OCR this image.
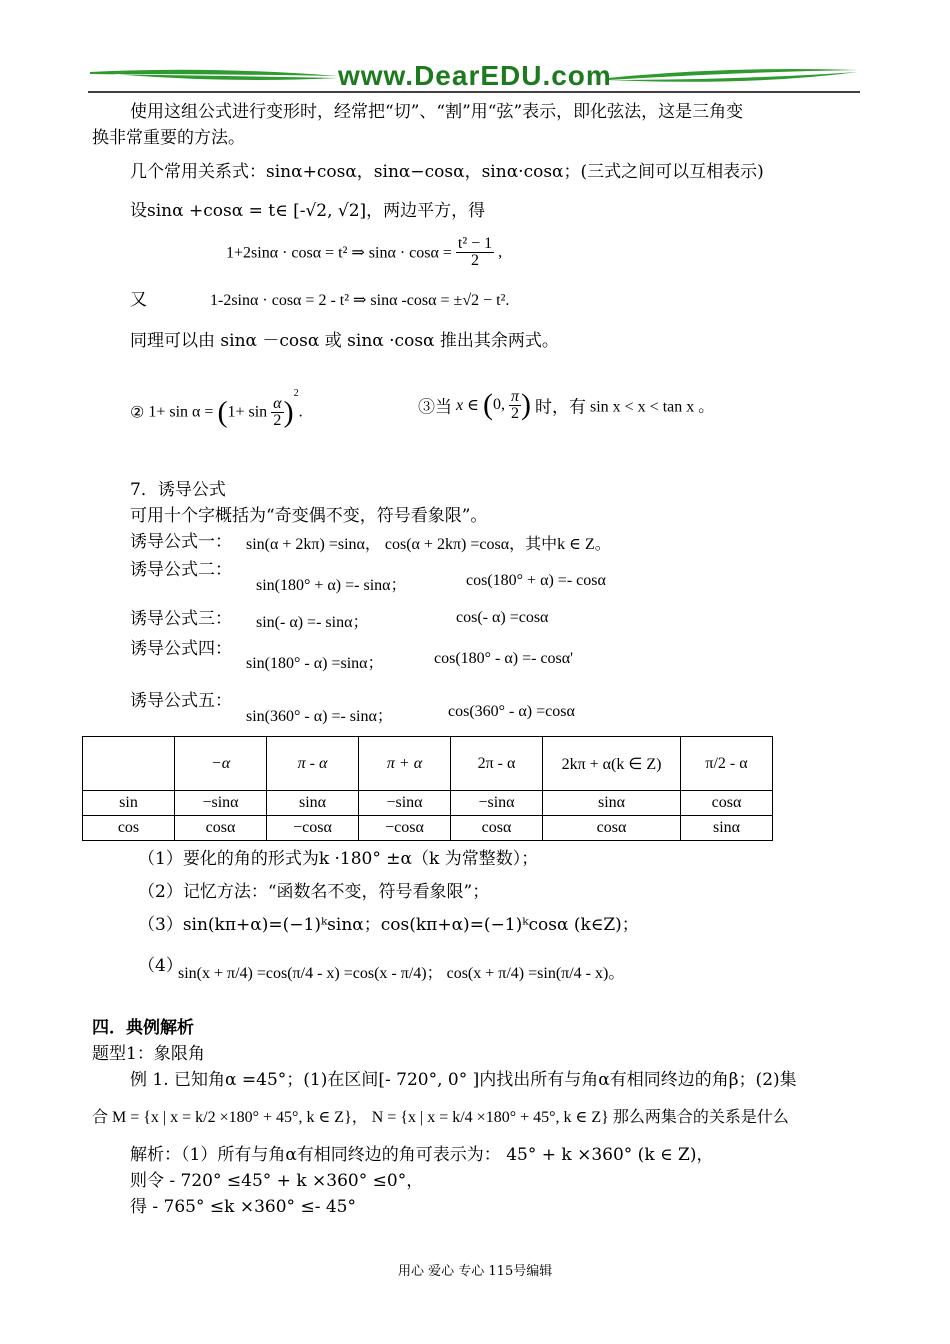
www.DearEDU.com
使用这组公式进行变形时，经常把“切”、“割”用“弦”表示，即化弦法，这是三角变
换非常重要的方法。
几个常用关系式：sinα+cosα，sinα−cosα，sinα·cosα；(三式之间可以互相表示)
设sinα +cosα = t∈ [-√2, √2]，两边平方，得
1+2sinα · cosα = t² ⇒ $\sin\alpha \cdot \cos\alpha = \frac{\text{t² − 1}}{2}$ ,
又	1-2sinα · cosα = 2 - t² ⇒ sinα -cosα = ±√2 − t².
同理可以由 sinα －cosα 或 sinα ·cosα 推出其余两式。
② $1+ \sin \alpha = (1+ \sin \frac{\alpha}{2} )^2$.	③当 x ∈ (0, $\frac{\pi}{2}$ ) 时，有 sin x < x < tan x 。
7．诱导公式
可用十个字概括为“奇变偶不变，符号看象限”。
诱导公式一： sin(α + 2kπ) =sinα， cos(α + 2kπ) =cosα，其中k ∈ Z。
诱导公式二：
sin(180° + α) =- sinα；	cos(180° + α) =- cosα
诱导公式三： sin(- α) =- sinα；	cos(- α) =cosα
诱导公式四：
sin(180° - α) =sinα；	cos(180° - α) =- cosα'
诱导公式五：
sin(360° - α) =- sinα；	cos(360° - α) =cosα
	−α	π - α	π + α	2π - α	2kπ + α(k ∈ Z)	π/2 - α
sin	−sinα	sinα	−sinα	−sinα	sinα	cosα
cos	cosα	−cosα	−cosα	cosα	cosα	sinα
（1）要化的角的形式为k ·180° ±α（k 为常整数）；
（2）记忆方法：“函数名不变，符号看象限”；
（3）sin(kπ+α)=(−1)ᵏsinα；cos(kπ+α)=(−1)ᵏcosα (k∈Z)；
（4）
sin(x + π/4) =cos(π/4 - x) =cos(x - π/4)； cos(x + π/4) =sin(π/4 - x)。
四．典例解析
题型1：象限角
例 1. 已知角α =45°；(1)在区间[- 720°, 0° ]内找出所有与角α有相同终边的角β；(2)集
合 M = {x | x = k/2 ×180° + 45°, k ∈ Z}， N = {x | x = k/4 ×180° + 45°, k ∈ Z} 那么两集合的关系是什么
解析：（1）所有与角α有相同终边的角可表示为： 45° + k ×360° (k ∈ Z)，
则令 - 720° ≤45° + k ×360° ≤0°，
得 - 765° ≤k ×360° ≤- 45°
用心 爱心 专心 115号编辑
